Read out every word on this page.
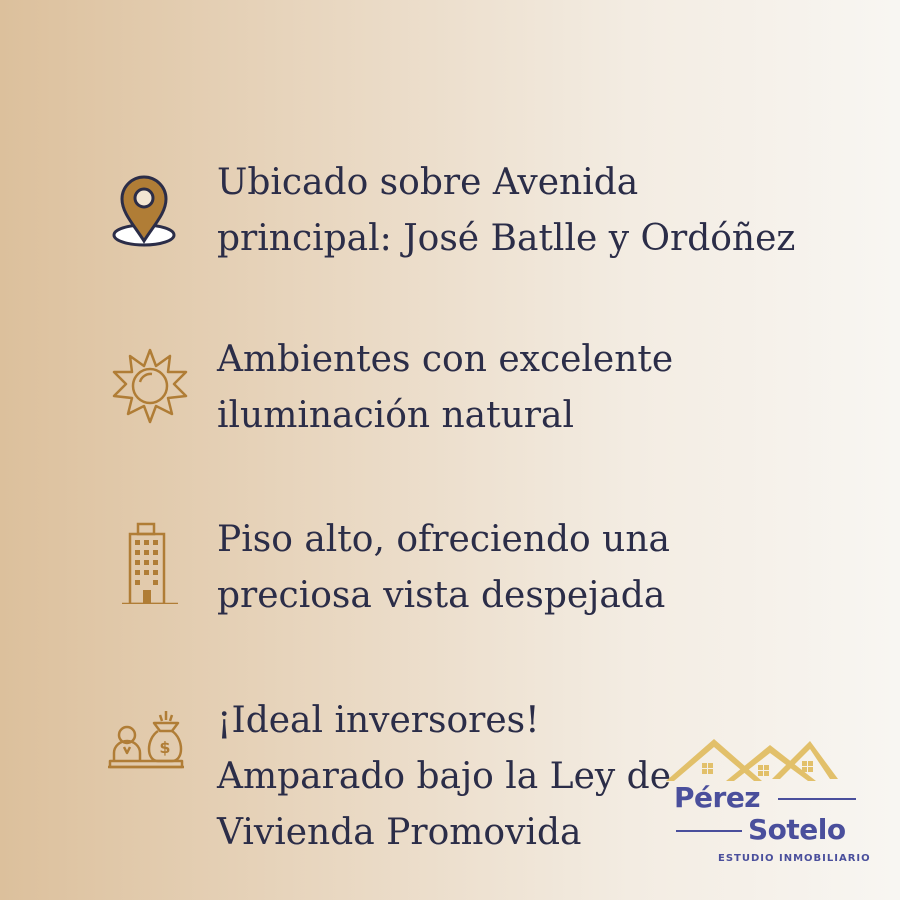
Ubicado sobre Avenida
principal: José Batlle y Ordóñez
Ambientes con excelente
iluminación natural
Piso alto, ofreciendo una
preciosa vista despejada
$
¡Ideal inversores!
Amparado bajo la Ley de
Vivienda Promovida
Pérez
Sotelo
ESTUDIO INMOBILIARIO
